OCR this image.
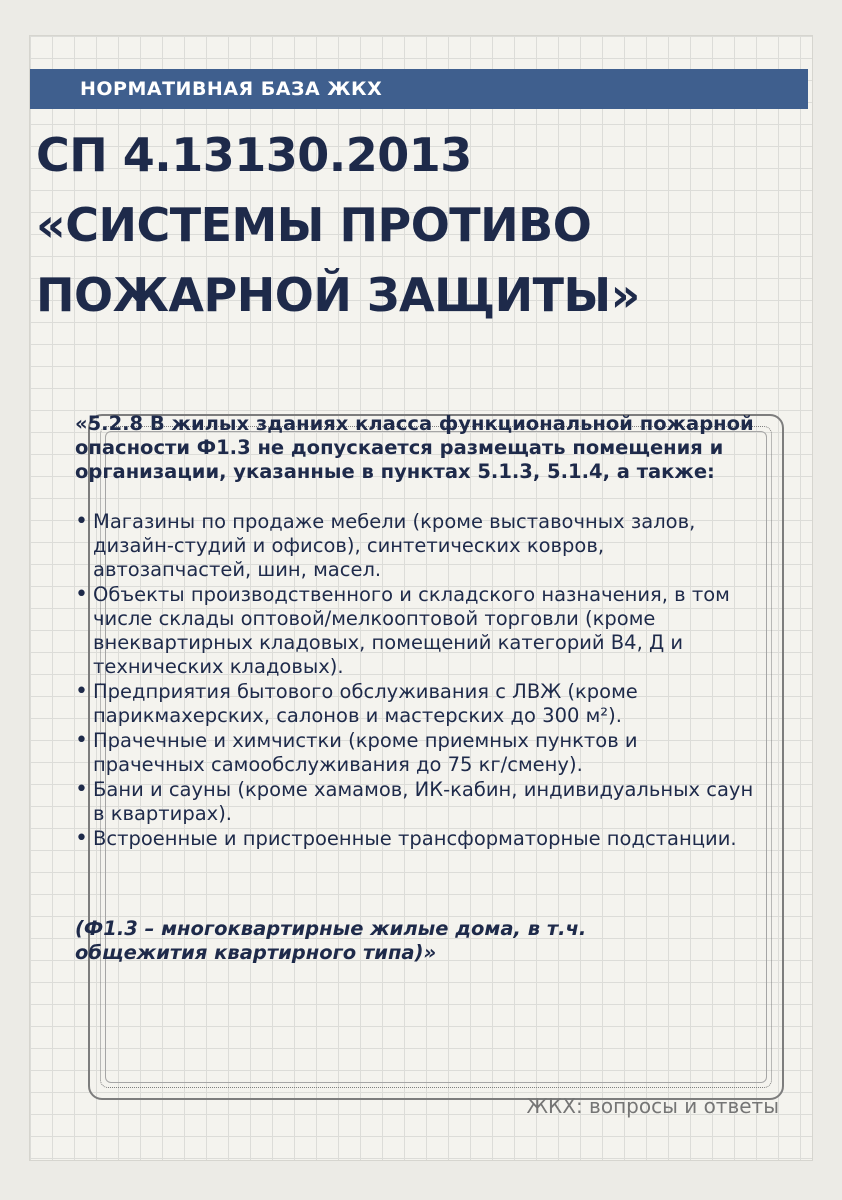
НОРМАТИВНАЯ БАЗА ЖКХ
ЖКХ: вопросы и ответы
СП 4.13130.2013
«СИСТЕМЫ ПРОТИВО
ПОЖАРНОЙ ЗАЩИТЫ»

«5.2.8 В жилых зданиях класса функциональной пожарной опасности Ф1.3 не допускается размещать помещения и организации, указанные в пунктах 5.1.3, 5.1.4, а также:

• Магазины по продаже мебели (кроме выставочных залов, дизайн-студий и офисов), синтетических ковров, автозапчастей, шин, масел.
• Объекты производственного и складского назначения, в том числе склады оптовой/мелкооптовой торговли (кроме внеквартирных кладовых, помещений категорий В4, Д и технических кладовых).
• Предприятия бытового обслуживания с ЛВЖ (кроме парикмахерских, салонов и мастерских до 300 м²).
• Прачечные и химчистки (кроме приемных пунктов и прачечных самообслуживания до 75 кг/смену).
• Бани и сауны (кроме хамамов, ИК-кабин, индивидуальных саун в квартирах).
• Встроенные и пристроенные трансформаторные подстанции.

(Ф1.3 – многоквартирные жилые дома, в т.ч. общежития квартирного типа)»
